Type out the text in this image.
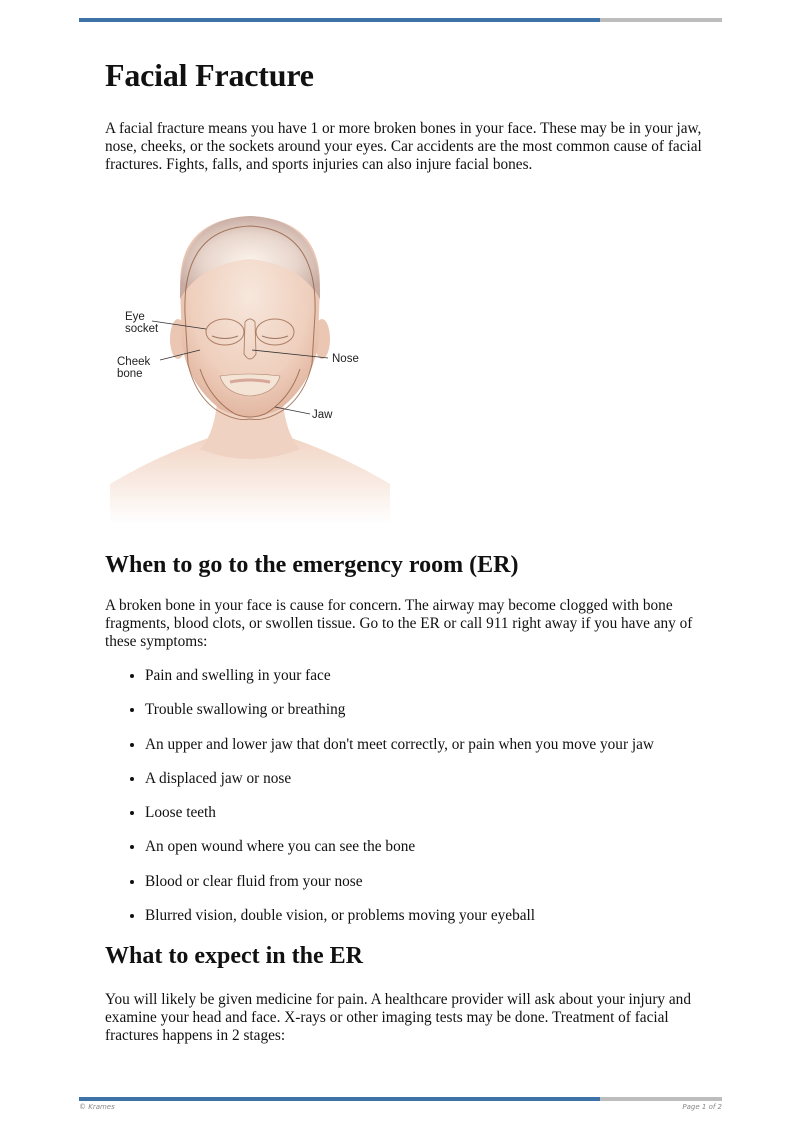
Facial Fracture

A facial fracture means you have 1 or more broken bones in your face. These may be in your jaw, nose, cheeks, or the sockets around your eyes. Car accidents are the most common cause of facial fractures. Fights, falls, and sports injuries can also injure facial bones.

Eye
socket
Cheek
bone
Nose
Jaw
When to go to the emergency room (ER)

A broken bone in your face is cause for concern. The airway may become clogged with bone fragments, blood clots, or swollen tissue. Go to the ER or call 911 right away if you have any of these symptoms:

• Pain and swelling in your face
• Trouble swallowing or breathing
• An upper and lower jaw that don't meet correctly, or pain when you move your jaw
• A displaced jaw or nose
• Loose teeth
• An open wound where you can see the bone
• Blood or clear fluid from your nose
• Blurred vision, double vision, or problems moving your eyeball
What to expect in the ER

You will likely be given medicine for pain. A healthcare provider will ask about your injury and examine your head and face. X-rays or other imaging tests may be done. Treatment of facial fractures happens in 2 stages:

© Krames	Page 1 of 2
